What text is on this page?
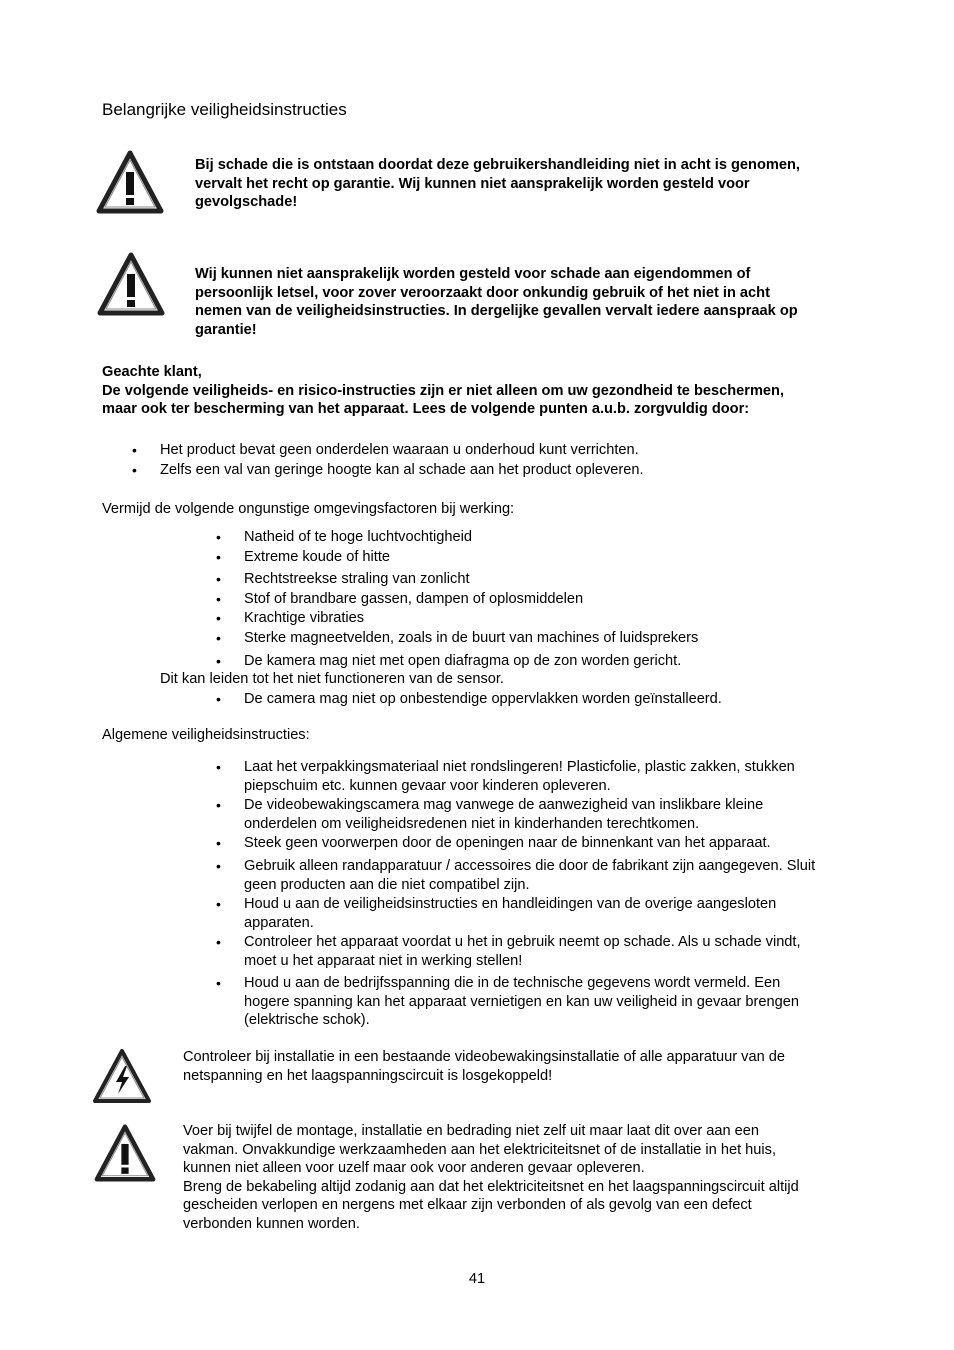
Belangrijke veiligheidsinstructies
Bij schade die is ontstaan doordat deze gebruikershandleiding niet in acht is genomen,
vervalt het recht op garantie. Wij kunnen niet aansprakelijk worden gesteld voor
gevolgschade!
Wij kunnen niet aansprakelijk worden gesteld voor schade aan eigendommen of
persoonlijk letsel, voor zover veroorzaakt door onkundig gebruik of het niet in acht
nemen van de veiligheidsinstructies. In dergelijke gevallen vervalt iedere aanspraak op
garantie!
Geachte klant,
De volgende veiligheids- en risico-instructies zijn er niet alleen om uw gezondheid te beschermen,
maar ook ter bescherming van het apparaat. Lees de volgende punten a.u.b. zorgvuldig door:
• Het product bevat geen onderdelen waaraan u onderhoud kunt verrichten.
• Zelfs een val van geringe hoogte kan al schade aan het product opleveren.
Vermijd de volgende ongunstige omgevingsfactoren bij werking:
• Natheid of te hoge luchtvochtigheid
• Extreme koude of hitte
• Rechtstreekse straling van zonlicht
• Stof of brandbare gassen, dampen of oplosmiddelen
• Krachtige vibraties
• Sterke magneetvelden, zoals in de buurt van machines of luidsprekers
• De kamera mag niet met open diafragma op de zon worden gericht.
Dit kan leiden tot het niet functioneren van de sensor.
• De camera mag niet op onbestendige oppervlakken worden geïnstalleerd.
Algemene veiligheidsinstructies:
• Laat het verpakkingsmateriaal niet rondslingeren! Plasticfolie, plastic zakken, stukken
piepschuim etc. kunnen gevaar voor kinderen opleveren.
• De videobewakingscamera mag vanwege de aanwezigheid van inslikbare kleine
onderdelen om veiligheidsredenen niet in kinderhanden terechtkomen.
• Steek geen voorwerpen door de openingen naar de binnenkant van het apparaat.
• Gebruik alleen randapparatuur / accessoires die door de fabrikant zijn aangegeven. Sluit
geen producten aan die niet compatibel zijn.
• Houd u aan de veiligheidsinstructies en handleidingen van de overige aangesloten
apparaten.
• Controleer het apparaat voordat u het in gebruik neemt op schade. Als u schade vindt,
moet u het apparaat niet in werking stellen!
• Houd u aan de bedrijfsspanning die in de technische gegevens wordt vermeld. Een
hogere spanning kan het apparaat vernietigen en kan uw veiligheid in gevaar brengen
(elektrische schok).
Controleer bij installatie in een bestaande videobewakingsinstallatie of alle apparatuur van de
netspanning en het laagspanningscircuit is losgekoppeld!
Voer bij twijfel de montage, installatie en bedrading niet zelf uit maar laat dit over aan een
vakman. Onvakkundige werkzaamheden aan het elektriciteitsnet of de installatie in het huis,
kunnen niet alleen voor uzelf maar ook voor anderen gevaar opleveren.
Breng de bekabeling altijd zodanig aan dat het elektriciteitsnet en het laagspanningscircuit altijd
gescheiden verlopen en nergens met elkaar zijn verbonden of als gevolg van een defect
verbonden kunnen worden.
41
